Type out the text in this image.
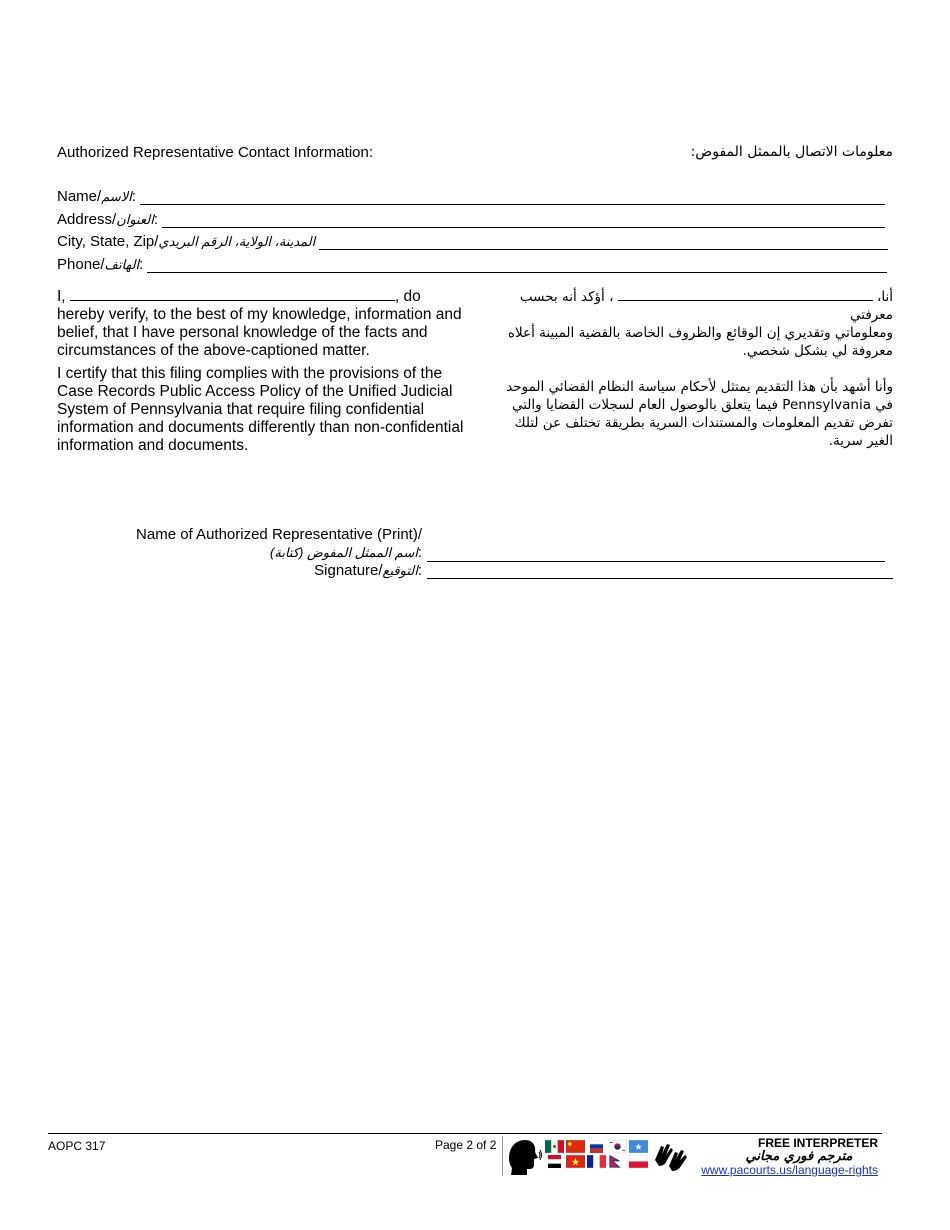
Authorized Representative Contact Information:	معلومات الاتصال بالممثل المفوض:
Name/ الاسم :
Address/ العنوان :
City, State, Zip/ المدينة، الولاية، الرقم البريدي
Phone/ الهاتف :

I,	, do

hereby verify, to the best of my knowledge, information and belief, that I have personal knowledge of the facts and circumstances of the above-captioned matter.

I certify that this filing complies with the provisions of the Case Records Public Access Policy of the Unified Judicial System of Pennsylvania that require filing confidential information and documents differently than non-confidential information and documents.

أنا،  ، أؤكد أنه بحسب معرفتي

ومعلوماتي وتقديري إن الوقائع والظروف الخاصة بالقضية المبينة أعلاه معروفة لي بشكل شخصي.

وأنا أشهد بأن هذا التقديم يمتثل لأحكام سياسة النظام القضائي الموحد في Pennsylvania فيما يتعلق بالوصول العام لسجلات القضايا والتي تفرض تقديم المعلومات والمستندات السرية بطريقة تختلف عن لتلك الغير سرية.

Name of Authorized Representative (Print)/
اسم الممثل المفوض (كتابة):
Signature/التوقيع:
AOPC 317	Page 2 of 2	FREE INTERPRETER
مترجم فوري مجاني
www.pacourts.us/language-rights
